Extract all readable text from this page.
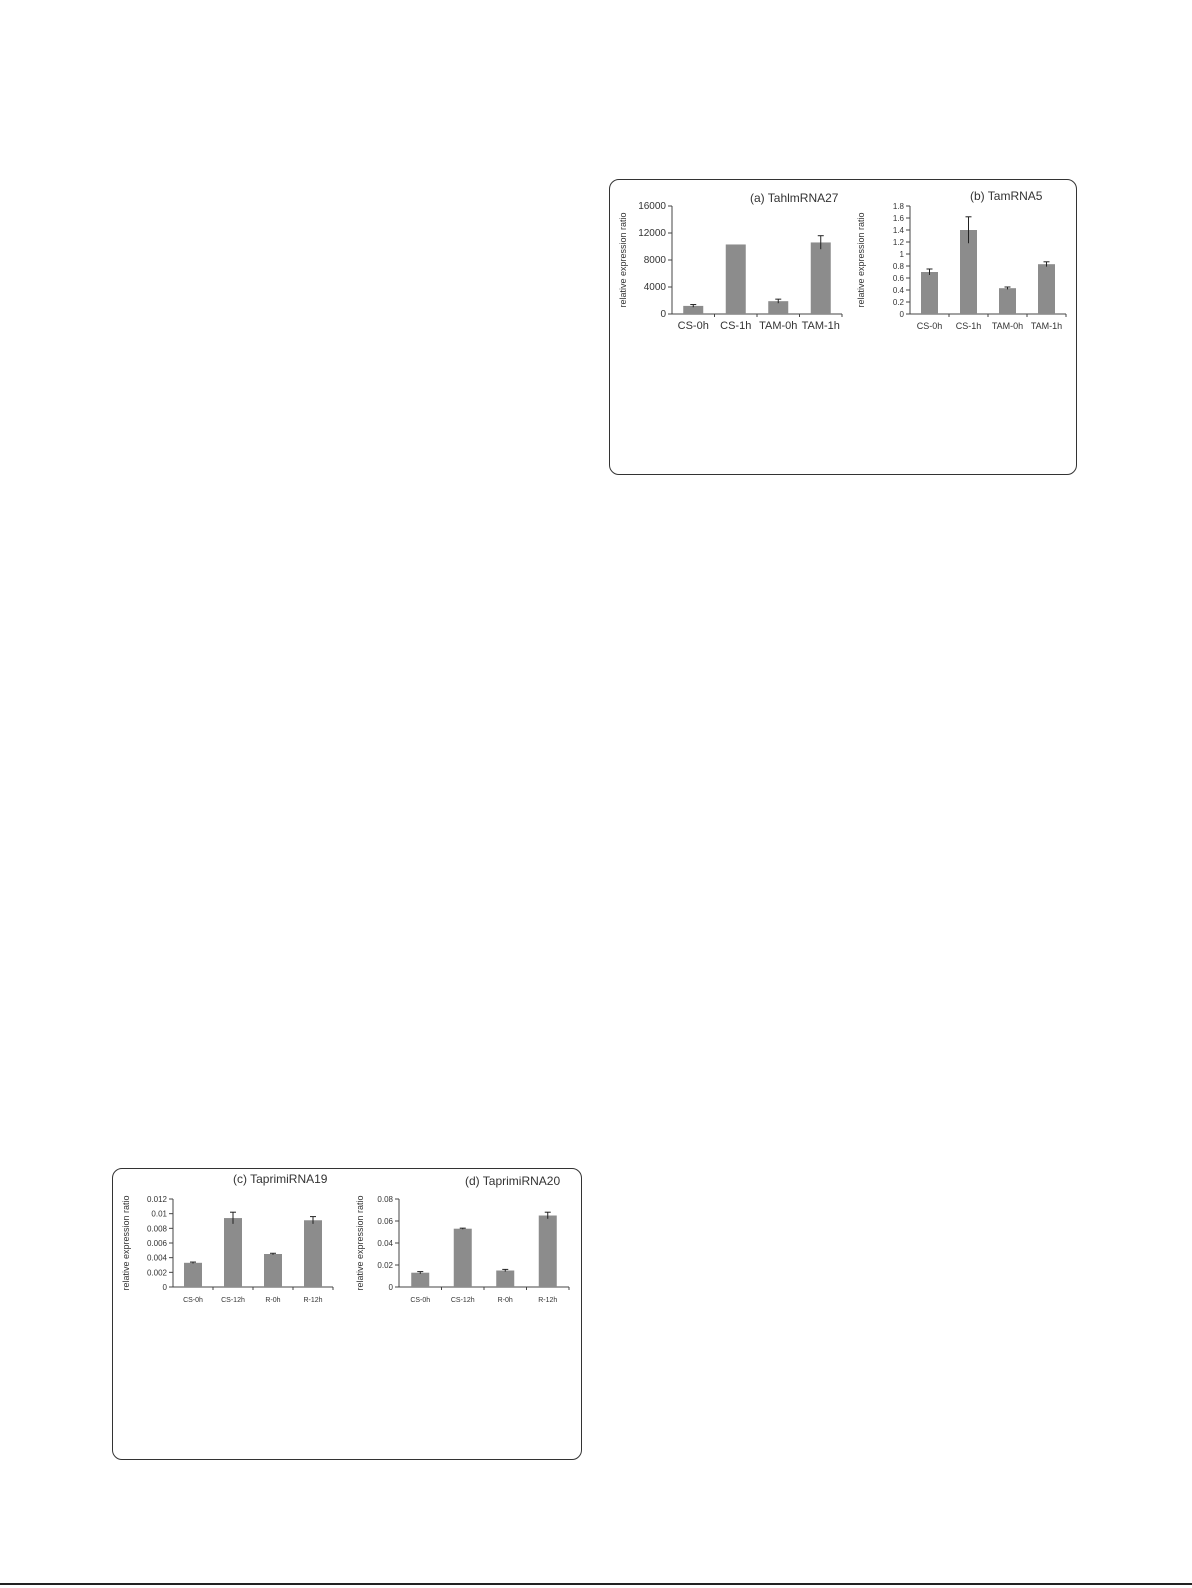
(a) TahlmRNA27
relative expression ratio
0
4000
8000
12000
16000
CS-0h CS-1h TAM-0h TAM-1h
(b) TamRNA5
relative expression ratio
0
0.2
0.4
0.6
0.8
1
1.2
1.4
1.6
1.8
CS-0h CS-1h TAM-0h TAM-1h
(c) TaprimiRNA19
relative expression ratio	0
0.002
0.004
0.006
0.008
0.01
0.012
CS-0h	CS-12h	R-0h	R-12h
(d) TaprimiRNA20
relative expression ratio	0
0.02
0.04
0.06
0.08
CS-0h	CS-12h	R-0h	R-12h
